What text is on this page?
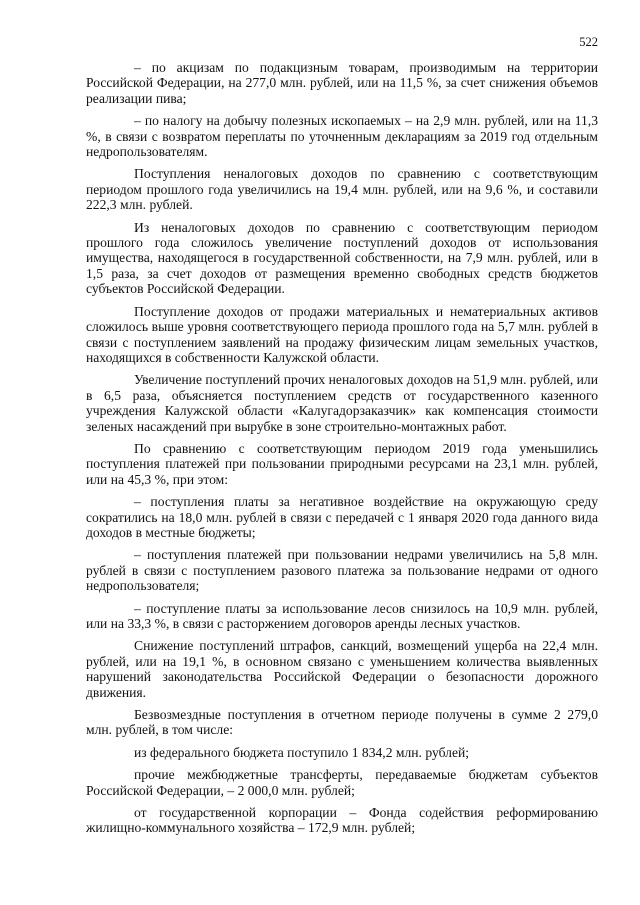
522

– по акцизам по подакцизным товарам, производимым на территории Российской Федерации, на 277,0 млн. рублей, или на 11,5 %, за счет снижения объемов реализации пива;

– по налогу на добычу полезных ископаемых – на 2,9 млн. рублей, или на 11,3 %, в связи с возвратом переплаты по уточненным декларациям за 2019 год отдельным недропользователям.

Поступления неналоговых доходов по сравнению с соответствующим периодом прошлого года увеличились на 19,4 млн. рублей, или на 9,6 %, и составили 222,3 млн. рублей.

Из неналоговых доходов по сравнению с соответствующим периодом прошлого года сложилось увеличение поступлений доходов от использования имущества, находящегося в государственной собственности, на 7,9 млн. рублей, или в 1,5 раза, за счет доходов от размещения временно свободных средств бюджетов субъектов Российской Федерации.

Поступление доходов от продажи материальных и нематериальных активов сложилось выше уровня соответствующего периода прошлого года на 5,7 млн. рублей в связи с поступлением заявлений на продажу физическим лицам земельных участков, находящихся в собственности Калужской области.

Увеличение поступлений прочих неналоговых доходов на 51,9 млн. рублей, или в 6,5 раза, объясняется поступлением средств от государственного казенного учреждения Калужской области «Калугадорзаказчик» как компенсация стоимости зеленых насаждений при вырубке в зоне строительно-монтажных работ.

По сравнению с соответствующим периодом 2019 года уменьшились поступления платежей при пользовании природными ресурсами на 23,1 млн. рублей, или на 45,3 %, при этом:

– поступления платы за негативное воздействие на окружающую среду сократились на 18,0 млн. рублей в связи с передачей с 1 января 2020 года данного вида доходов в местные бюджеты;

– поступления платежей при пользовании недрами увеличились на 5,8 млн. рублей в связи с поступлением разового платежа за пользование недрами от одного недропользователя;

– поступление платы за использование лесов снизилось на 10,9 млн. рублей, или на 33,3 %, в связи с расторжением договоров аренды лесных участков.

Снижение поступлений штрафов, санкций, возмещений ущерба на 22,4 млн. рублей, или на 19,1 %, в основном связано с уменьшением количества выявленных нарушений законодательства Российской Федерации о безопасности дорожного движения.

Безвозмездные поступления в отчетном периоде получены в сумме 2 279,0 млн. рублей, в том числе:

из федерального бюджета поступило 1 834,2 млн. рублей;

прочие межбюджетные трансферты, передаваемые бюджетам субъектов Российской Федерации, – 2 000,0 млн. рублей;

от государственной корпорации – Фонда содействия реформированию жилищно-коммунального хозяйства – 172,9 млн. рублей;
